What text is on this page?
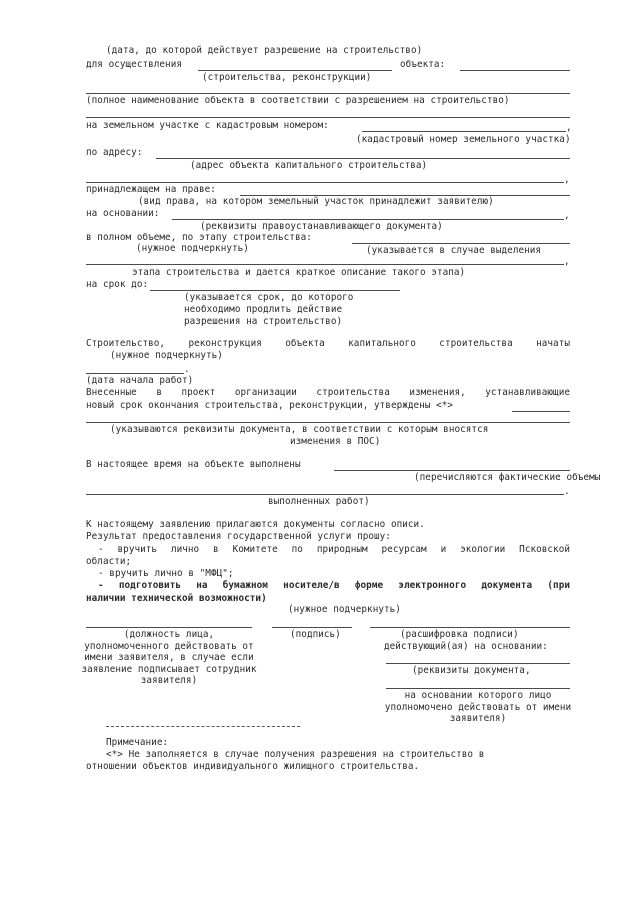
(дата, до которой действует разрешение на строительство)
для осуществления	объекта:
(строительства, реконструкции)
(полное наименование объекта в соответствии с разрешением на строительство)
на земельном участке с кадастровым номером:	,
(кадастровый номер земельного участка)
по адресу:
(адрес объекта капитального строительства)
,
принадлежащем на праве:
(вид права, на котором земельный участок принадлежит заявителю)
на основании:	,
(реквизиты правоустанавливающего документа)
в полном объеме, по этапу строительства:
(нужное подчеркнуть)	(указывается в случае выделения
,
этапа строительства и дается краткое описание такого этапа)
на срок до:
(указывается срок, до которого
необходимо продлить действие
разрешения на строительство)
Строительство, реконструкция объекта капитального строительства начаты
(нужное подчеркнуть)
.
(дата начала работ)
Внесенные в проект организации строительства изменения, устанавливающие
новый срок окончания строительства, реконструкции, утверждены <*>
(указываются реквизиты документа, в соответствии с которым вносятся
изменения в ПОС)
В настоящее время на объекте выполнены
(перечисляются фактические объемы
.
выполненных работ)
К настоящему заявлению прилагаются документы согласно описи.
Результат предоставления государственной услуги прошу:
- вручить лично в Комитете по природным ресурсам и экологии Псковской
области;
- вручить лично в "МФЦ";
- подготовить на бумажном носителе/в форме электронного документа (при
наличии технической возможности)
(нужное подчеркнуть)
(должность лица, уполномоченного действовать от имени заявителя, в случае если заявление подписывает сотрудник заявителя)
(подпись)	(расшифровка подписи)
действующий(ая) на основании:
(реквизиты документа,
на основании которого лицо уполномочено действовать от имени заявителя)
Примечание:
<*> Не заполняется в случае получения разрешения на строительство в
отношении объектов индивидуального жилищного строительства.
